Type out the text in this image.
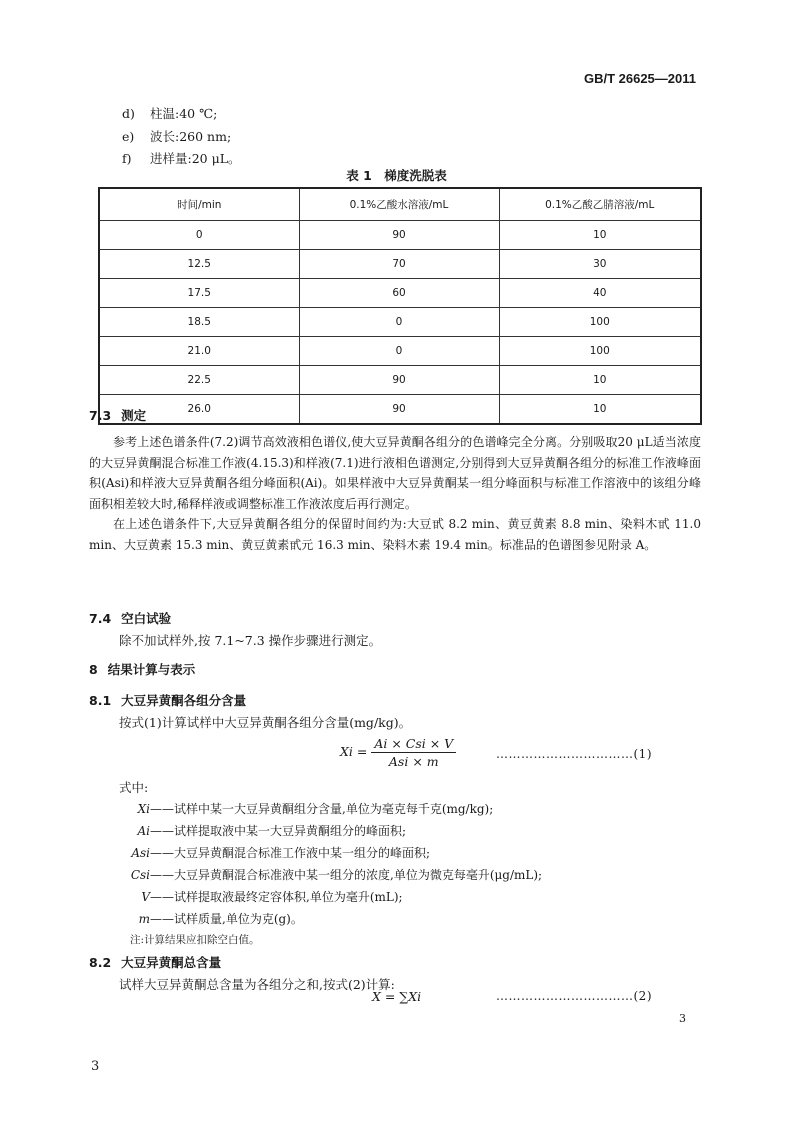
GB/T 26625—2011
d) 柱温:40 ℃;
e) 波长:260 nm;
f) 进样量:20 μL。
表 1　梯度洗脱表
时间/min	0.1%乙酸水溶液/mL	0.1%乙酸乙腈溶液/mL
0	90	10
12.5	70	30
17.5	60	40
18.5	0	100
21.0	0	100
22.5	90	10
26.0	90	10
7.3 测定

参考上述色谱条件(7.2)调节高效液相色谱仪,使大豆异黄酮各组分的色谱峰完全分离。分别吸取20 μL适当浓度的大豆异黄酮混合标准工作液(4.15.3)和样液(7.1)进行液相色谱测定,分别得到大豆异黄酮各组分的标准工作液峰面积(Asi)和样液大豆异黄酮各组分峰面积(Ai)。如果样液中大豆异黄酮某一组分峰面积与标准工作溶液中的该组分峰面积相差较大时,稀释样液或调整标准工作液浓度后再行测定。

在上述色谱条件下,大豆异黄酮各组分的保留时间约为:大豆甙 8.2 min、黄豆黄素 8.8 min、染料木甙 11.0 min、大豆黄素 15.3 min、黄豆黄素甙元 16.3 min、染料木素 19.4 min。标准品的色谱图参见附录 A。

7.4 空白试验
除不加试样外,按 7.1~7.3 操作步骤进行测定。
8 结果计算与表示
8.1 大豆异黄酮各组分含量
按式(1)计算试样中大豆异黄酮各组分含量(mg/kg)。
$Xi = \frac{\text{Ai × Csi × V}}{\text{Asi × m}}$	……………………………(1)
式中:
Xi——试样中某一大豆异黄酮组分含量,单位为毫克每千克(mg/kg);
Ai——试样提取液中某一大豆异黄酮组分的峰面积;
Asi——大豆异黄酮混合标准工作液中某一组分的峰面积;
Csi——大豆异黄酮混合标准液中某一组分的浓度,单位为微克每毫升(μg/mL);
V——试样提取液最终定容体积,单位为毫升(mL);
m——试样质量,单位为克(g)。
注:计算结果应扣除空白值。
8.2 大豆异黄酮总含量
试样大豆异黄酮总含量为各组分之和,按式(2)计算:
X = ∑Xi	……………………………(2)
3
3
